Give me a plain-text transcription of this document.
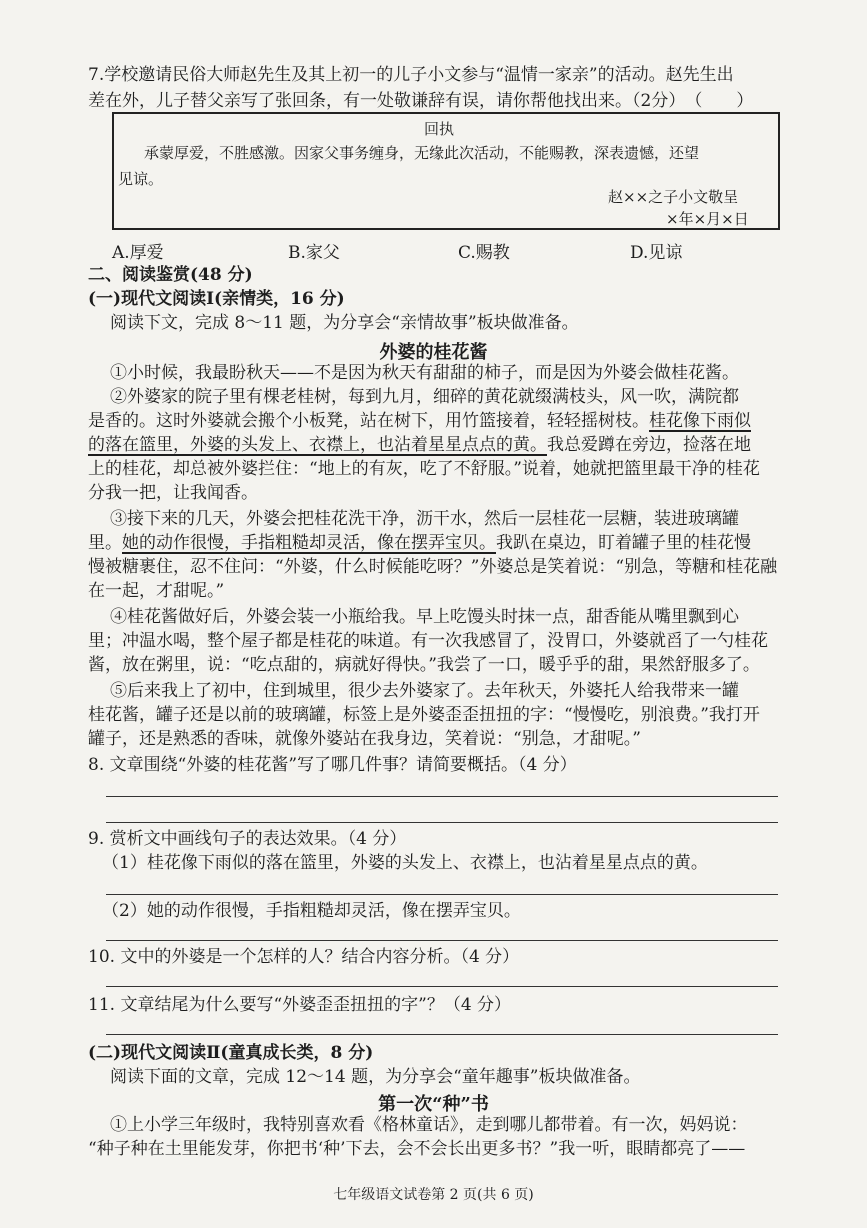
7.学校邀请民俗大师赵先生及其上初一的儿子小文参与“温情一家亲”的活动。赵先生出
差在外，儿子替父亲写了张回条，有一处敬谦辞有误，请你帮他找出来。（2分）　（　　）
回执
承蒙厚爱，不胜感激。因家父事务缠身，无缘此次活动，不能赐教，深表遗憾，还望
见谅。
赵××之子小文敬呈
×年×月×日
A.厚爱	B.家父	C.赐教	D.见谅
二、阅读鉴赏(48 分)
(一)现代文阅读Ⅰ(亲情类，16 分)
阅读下文，完成 8～11 题，为分享会“亲情故事”板块做准备。
外婆的桂花酱
①小时候，我最盼秋天——不是因为秋天有甜甜的柿子，而是因为外婆会做桂花酱。
②外婆家的院子里有棵老桂树，每到九月，细碎的黄花就缀满枝头，风一吹，满院都
是香的。这时外婆就会搬个小板凳，站在树下，用竹篮接着，轻轻摇树枝。桂花像下雨似
的落在篮里，外婆的头发上、衣襟上，也沾着星星点点的黄。我总爱蹲在旁边，捡落在地
上的桂花，却总被外婆拦住：“地上的有灰，吃了不舒服。”说着，她就把篮里最干净的桂花
分我一把，让我闻香。
③接下来的几天，外婆会把桂花洗干净，沥干水，然后一层桂花一层糖，装进玻璃罐
里。她的动作很慢，手指粗糙却灵活，像在摆弄宝贝。我趴在桌边，盯着罐子里的桂花慢
慢被糖裹住，忍不住问：“外婆，什么时候能吃呀？”外婆总是笑着说：“别急，等糖和桂花融
在一起，才甜呢。”
④桂花酱做好后，外婆会装一小瓶给我。早上吃馒头时抹一点，甜香能从嘴里飘到心
里；冲温水喝，整个屋子都是桂花的味道。有一次我感冒了，没胃口，外婆就舀了一勺桂花
酱，放在粥里，说：“吃点甜的，病就好得快。”我尝了一口，暖乎乎的甜，果然舒服多了。
⑤后来我上了初中，住到城里，很少去外婆家了。去年秋天，外婆托人给我带来一罐
桂花酱，罐子还是以前的玻璃罐，标签上是外婆歪歪扭扭的字：“慢慢吃，别浪费。”我打开
罐子，还是熟悉的香味，就像外婆站在我身边，笑着说：“别急，才甜呢。”
8. 文章围绕“外婆的桂花酱”写了哪几件事？请简要概括。（4 分）
9. 赏析文中画线句子的表达效果。（4 分）
（1）桂花像下雨似的落在篮里，外婆的头发上、衣襟上，也沾着星星点点的黄。
（2）她的动作很慢，手指粗糙却灵活，像在摆弄宝贝。
10. 文中的外婆是一个怎样的人？结合内容分析。（4 分）
11. 文章结尾为什么要写“外婆歪歪扭扭的字”？（4 分）
(二)现代文阅读Ⅱ(童真成长类，8 分)
阅读下面的文章，完成 12～14 题，为分享会“童年趣事”板块做准备。
第一次“种”书
①上小学三年级时，我特别喜欢看《格林童话》，走到哪儿都带着。有一次，妈妈说：
“种子种在土里能发芽，你把书‘种’下去，会不会长出更多书？”我一听，眼睛都亮了——
七年级语文试卷第 2 页(共 6 页)
